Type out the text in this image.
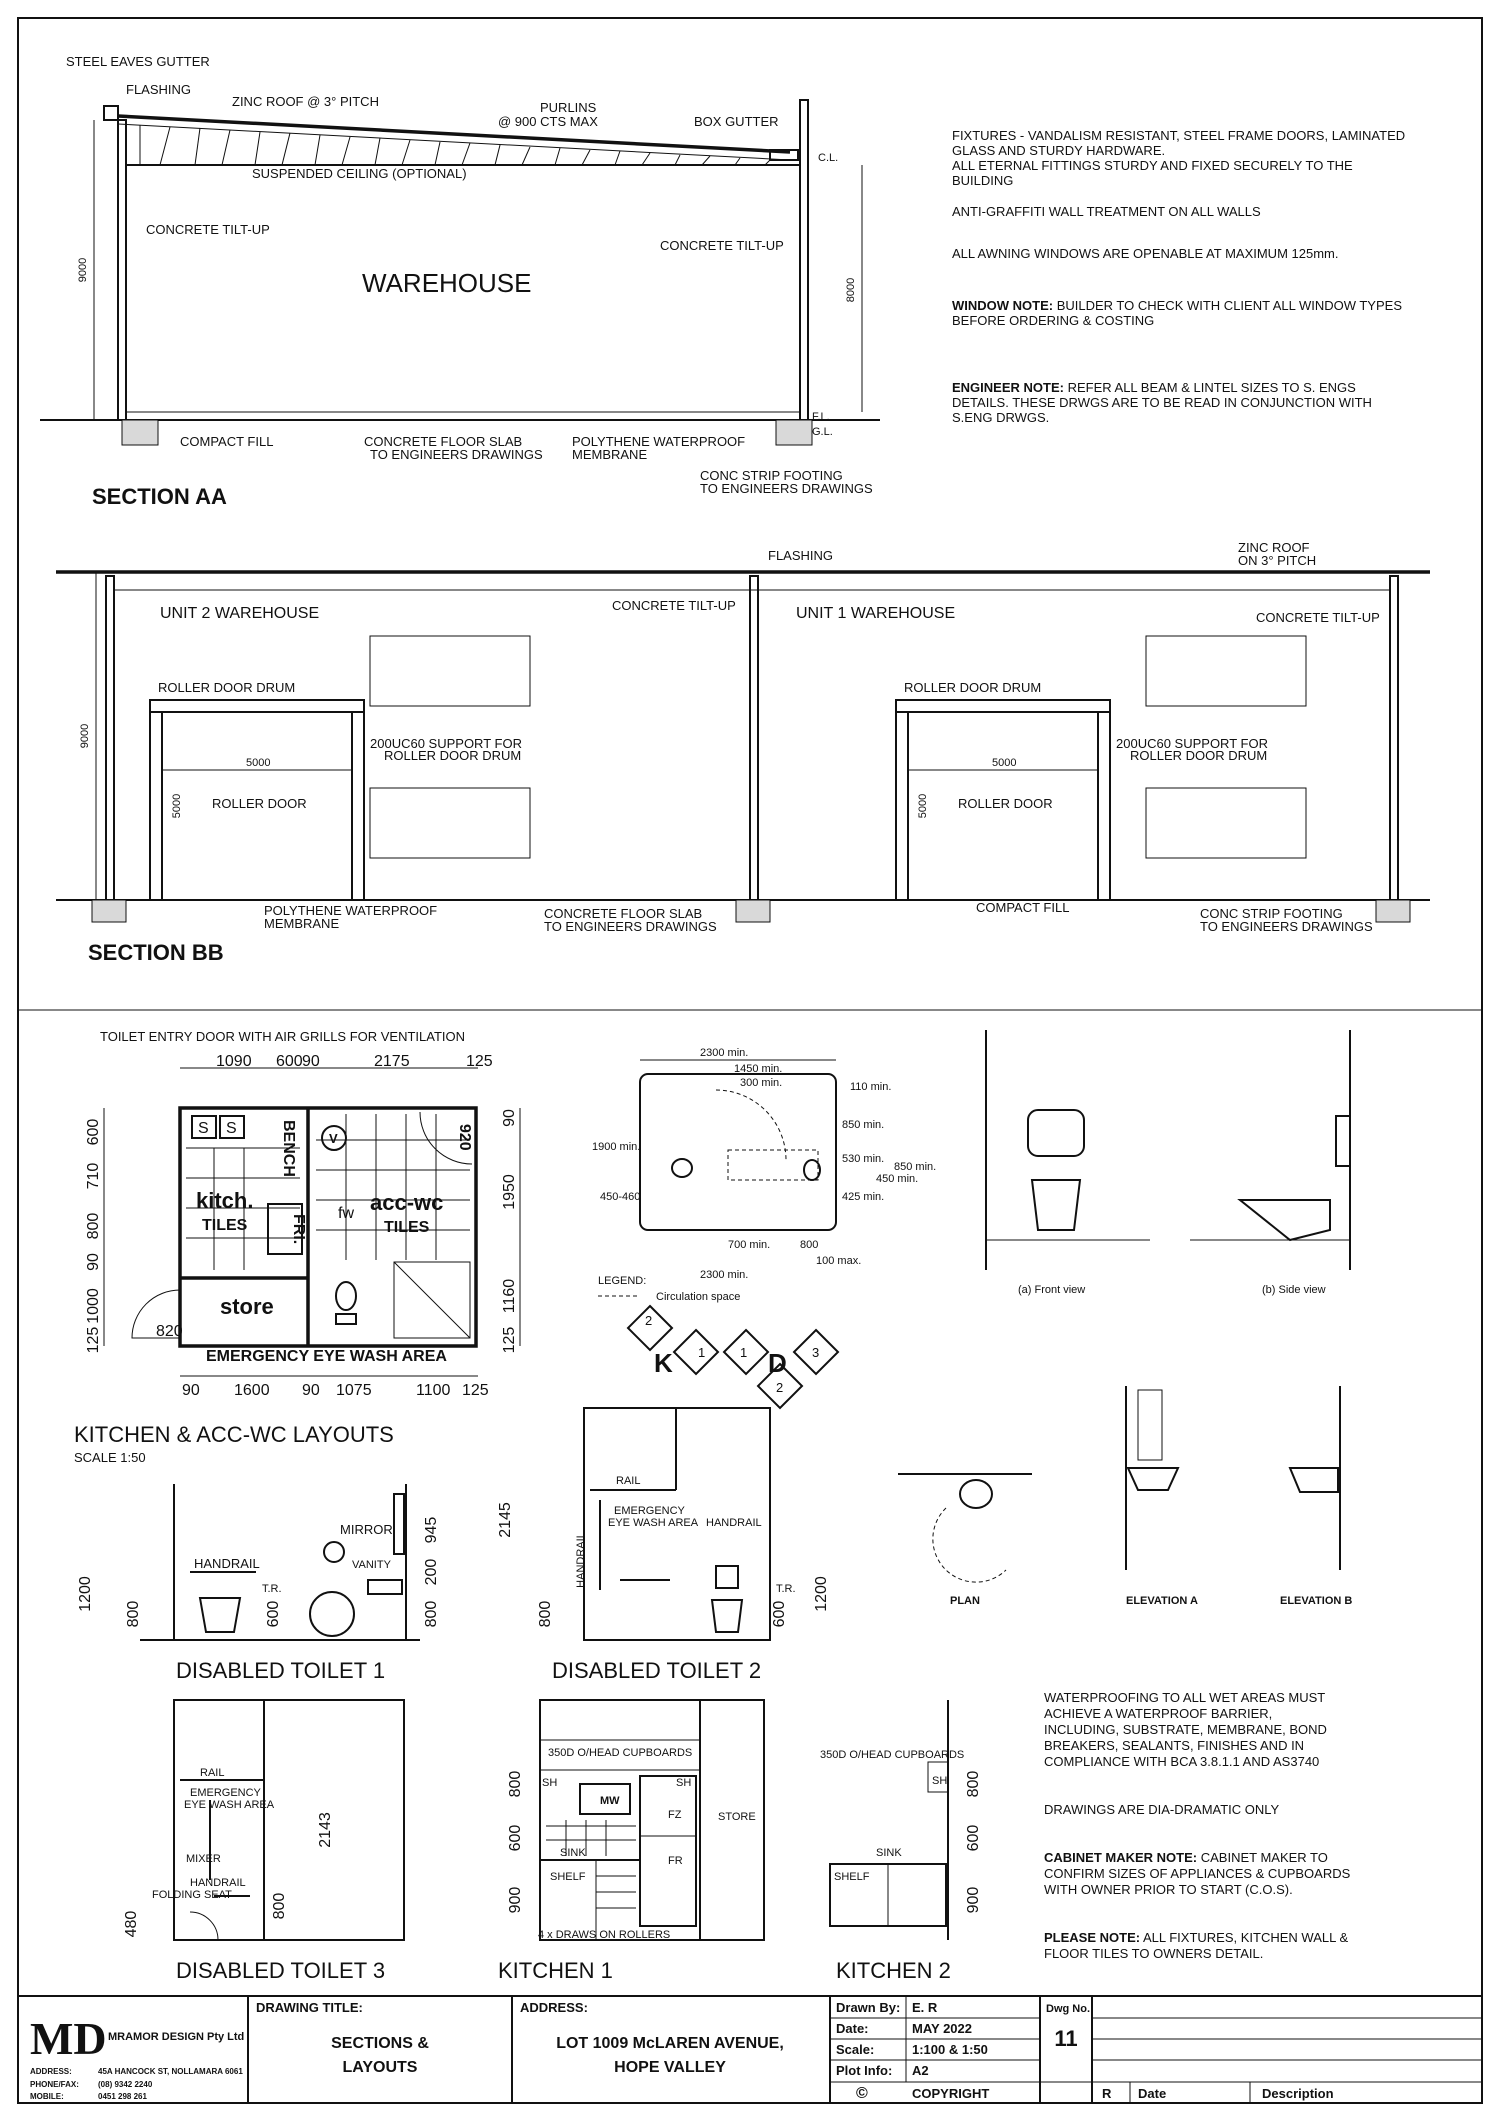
9000
8000
STEEL EAVES GUTTER
FLASHING
ZINC ROOF @ 3° PITCH	PURLINS
@ 900 CTS MAX	BOX GUTTER
SUSPENDED CEILING (OPTIONAL)
C.L.
CONCRETE TILT-UP
CONCRETE TILT-UP
WAREHOUSE
F.L.
G.L.
COMPACT FILL	CONCRETE FLOOR SLAB
TO ENGINEERS DRAWINGS
POLYTHENE WATERPROOF
MEMBRANE
CONC STRIP FOOTING
TO ENGINEERS DRAWINGS
SECTION AA
FIXTURES - VANDALISM RESISTANT, STEEL FRAME DOORS, LAMINATED
GLASS AND STURDY HARDWARE.
ALL ETERNAL FITTINGS STURDY AND FIXED SECURELY TO THE
BUILDING
ANTI-GRAFFITI WALL TREATMENT ON ALL WALLS
ALL AWNING WINDOWS ARE OPENABLE AT MAXIMUM 125mm.
WINDOW NOTE: BUILDER TO CHECK WITH CLIENT ALL WINDOW TYPES
BEFORE ORDERING & COSTING
ENGINEER NOTE: REFER ALL BEAM & LINTEL SIZES TO S. ENGS
DETAILS. THESE DRWGS ARE TO BE READ IN CONJUNCTION WITH
S.ENG DRWGS.
9000
5000
5000
5000
5000
FLASHING
ZINC ROOF
ON 3° PITCH
UNIT 2 WAREHOUSE	UNIT 1 WAREHOUSE
CONCRETE TILT-UP
CONCRETE TILT-UP
ROLLER DOOR DRUM	ROLLER DOOR DRUM
200UC60 SUPPORT FOR
ROLLER DOOR DRUM
200UC60 SUPPORT FOR
ROLLER DOOR DRUM
ROLLER DOOR	ROLLER DOOR
POLYTHENE WATERPROOF
MEMBRANE
CONCRETE FLOOR SLAB
TO ENGINEERS DRAWINGS
COMPACT FILL	CONC STRIP FOOTING
TO ENGINEERS DRAWINGS
SECTION BB
TOILET ENTRY DOOR WITH AIR GRILLS FOR VENTILATION
1090 600 90	2175	125
S S
FRI.
BENCH V	920
820
kitch.
TILES
fw acc-wc
TILES
store
EMERGENCY EYE WASH AREA
600
710
800
90
1000
125
90
1950
1160
125
90 1600 90 1075	1100 125
KITCHEN & ACC-WC LAYOUTS
SCALE 1:50
2300 min.
1450 min.
300 min.	110 min.
850 min.
1900 min.
530 min.
850 min.
450 min.
425 min.
450-460
700 min.	800
100 max.
2300 min.
LEGEND:
Circulation space
(a) Front view	(b) Side view
2
K 1	1 D 3
2
PLAN	ELEVATION A	ELEVATION B
MIRROR
HANDRAIL
T.R.
VANITY
1200
800	600
945
200
800
DISABLED TOILET 1
RAIL
EMERGENCY
EYE WASH AREA
HANDRAIL
HANDRAIL
T.R.
2145
800	600
1200
DISABLED TOILET 2
WATERPROOFING TO ALL WET AREAS MUST
ACHIEVE A WATERPROOF BARRIER,
INCLUDING, SUBSTRATE, MEMBRANE, BOND
BREAKERS, SEALANTS, FINISHES AND IN
COMPLIANCE WITH BCA 3.8.1.1 AND AS3740
DRAWINGS ARE DIA-DRAMATIC ONLY
CABINET MAKER NOTE: CABINET MAKER TO
CONFIRM SIZES OF APPLIANCES & CUPBOARDS
WITH OWNER PRIOR TO START (C.O.S).
PLEASE NOTE: ALL FIXTURES, KITCHEN WALL &
FLOOR TILES TO OWNERS DETAIL.
RAIL
EMERGENCY
EYE WASH AREA
MIXER
HANDRAIL
FOLDING SEAT
2143
800
480
DISABLED TOILET 3
350D O/HEAD CUPBOARDS
SH	SH
MW
FZ
FR
STORE
SINK
SHELF
4 x DRAWS ON ROLLERS
800
600
900
KITCHEN 1
350D O/HEAD CUPBOARDS
SH
SINK
SHELF
800
600
900
KITCHEN 2
MD MRAMOR DESIGN Pty Ltd
ADDRESS:	45A HANCOCK ST, NOLLAMARA 6061
PHONE/FAX: (08) 9342 2240
MOBILE:	0451 298 261
DRAWING TITLE:
SECTIONS &
LAYOUTS
ADDRESS:
LOT 1009 McLAREN AVENUE,
HOPE VALLEY
Drawn By: E. R
Date:	MAY 2022
Scale:	1:100 & 1:50
Plot Info: A2
©	COPYRIGHT
Dwg No.
11
R Date	Description
